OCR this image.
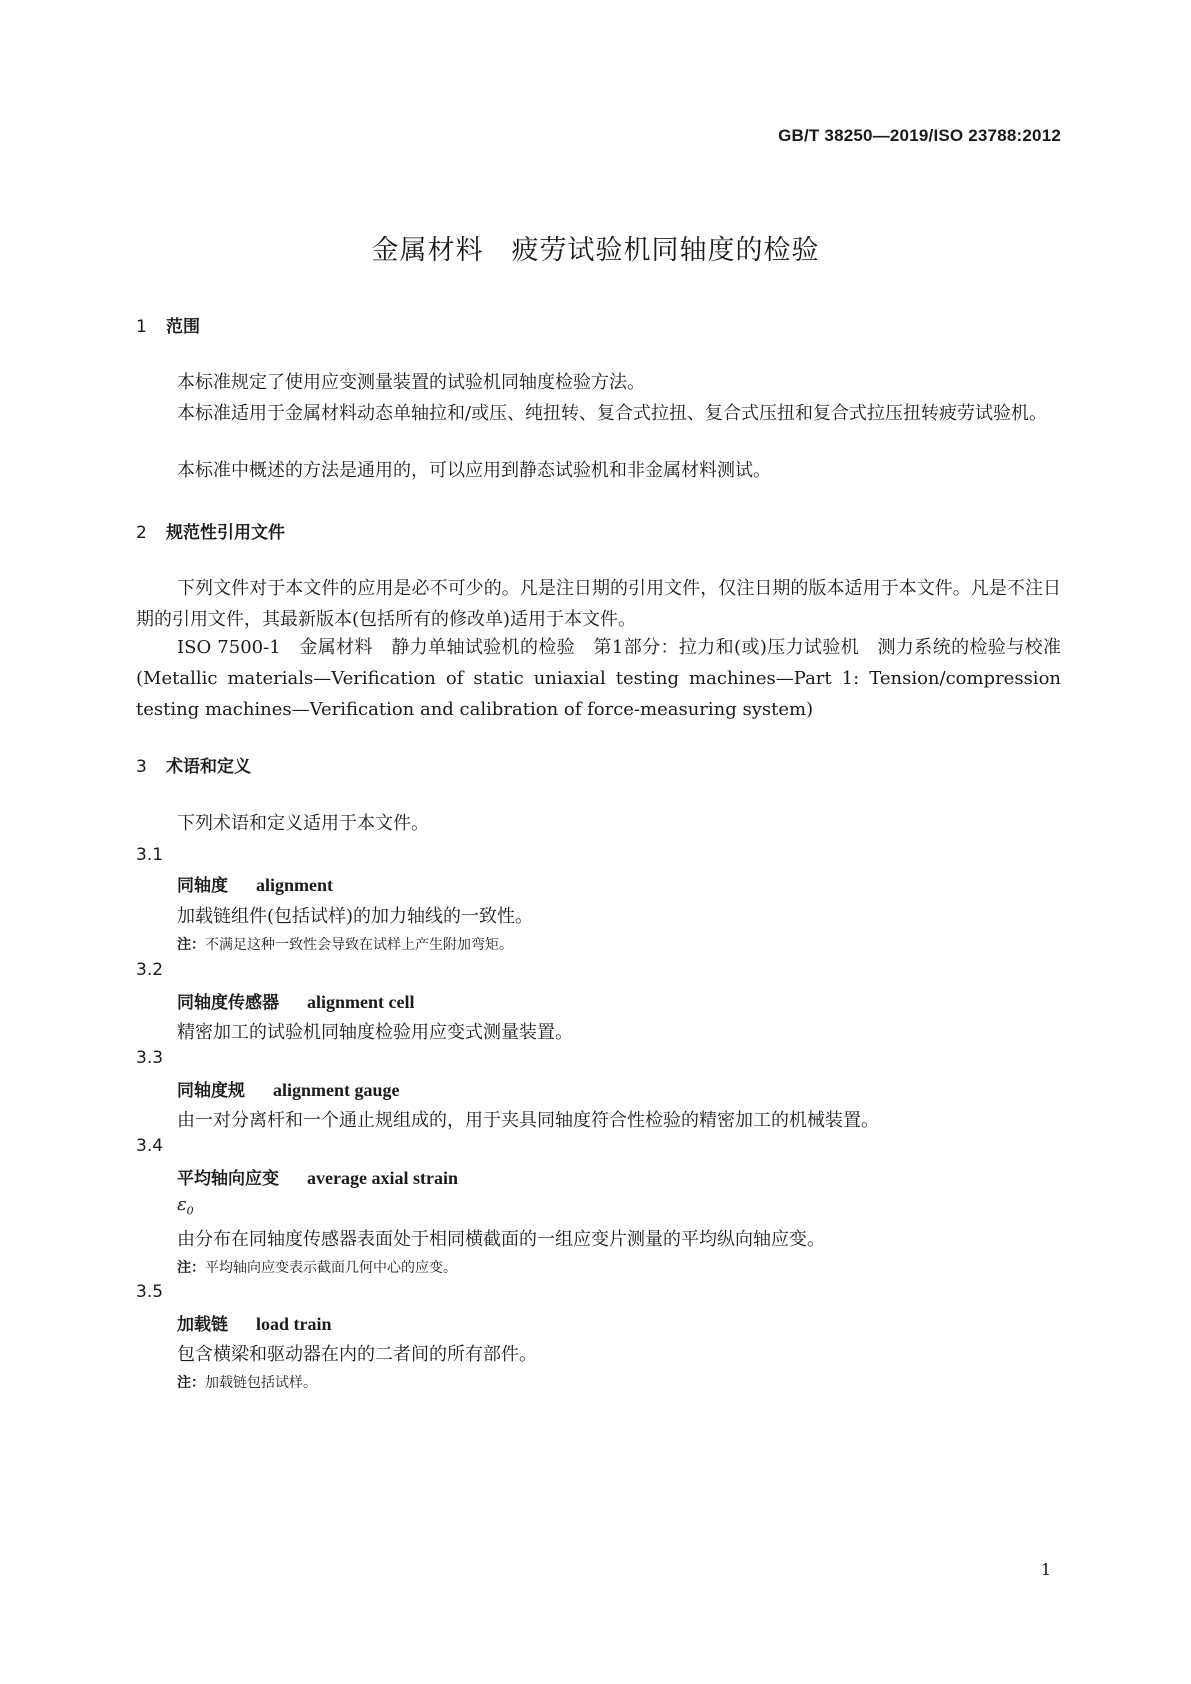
GB/T 38250—2019/ISO 23788:2012
金属材料 疲劳试验机同轴度的检验
1 范围
本标准规定了使用应变测量装置的试验机同轴度检验方法。
本标准适用于金属材料动态单轴拉和/或压、纯扭转、复合式拉扭、复合式压扭和复合式拉压扭转疲劳试验机。
本标准中概述的方法是通用的，可以应用到静态试验机和非金属材料测试。
2 规范性引用文件
下列文件对于本文件的应用是必不可少的。凡是注日期的引用文件，仅注日期的版本适用于本文件。凡是不注日期的引用文件，其最新版本(包括所有的修改单)适用于本文件。
ISO 7500-1　金属材料　静力单轴试验机的检验　第1部分：拉力和(或)压力试验机　测力系统的检验与校准(Metallic materials—Verification of static uniaxial testing machines—Part 1: Tension/compression testing machines—Verification and calibration of force-measuring system)
3 术语和定义
下列术语和定义适用于本文件。
3.1
同轴度 alignment
加载链组件(包括试样)的加力轴线的一致性。
注：不满足这种一致性会导致在试样上产生附加弯矩。
3.2
同轴度传感器 alignment cell
精密加工的试验机同轴度检验用应变式测量装置。
3.3
同轴度规 alignment gauge
由一对分离杆和一个通止规组成的，用于夹具同轴度符合性检验的精密加工的机械装置。
3.4
平均轴向应变 average axial strain
$\varepsilon_0$
由分布在同轴度传感器表面处于相同横截面的一组应变片测量的平均纵向轴应变。
注：平均轴向应变表示截面几何中心的应变。
3.5
加载链 load train
包含横梁和驱动器在内的二者间的所有部件。
注：加载链包括试样。
1
